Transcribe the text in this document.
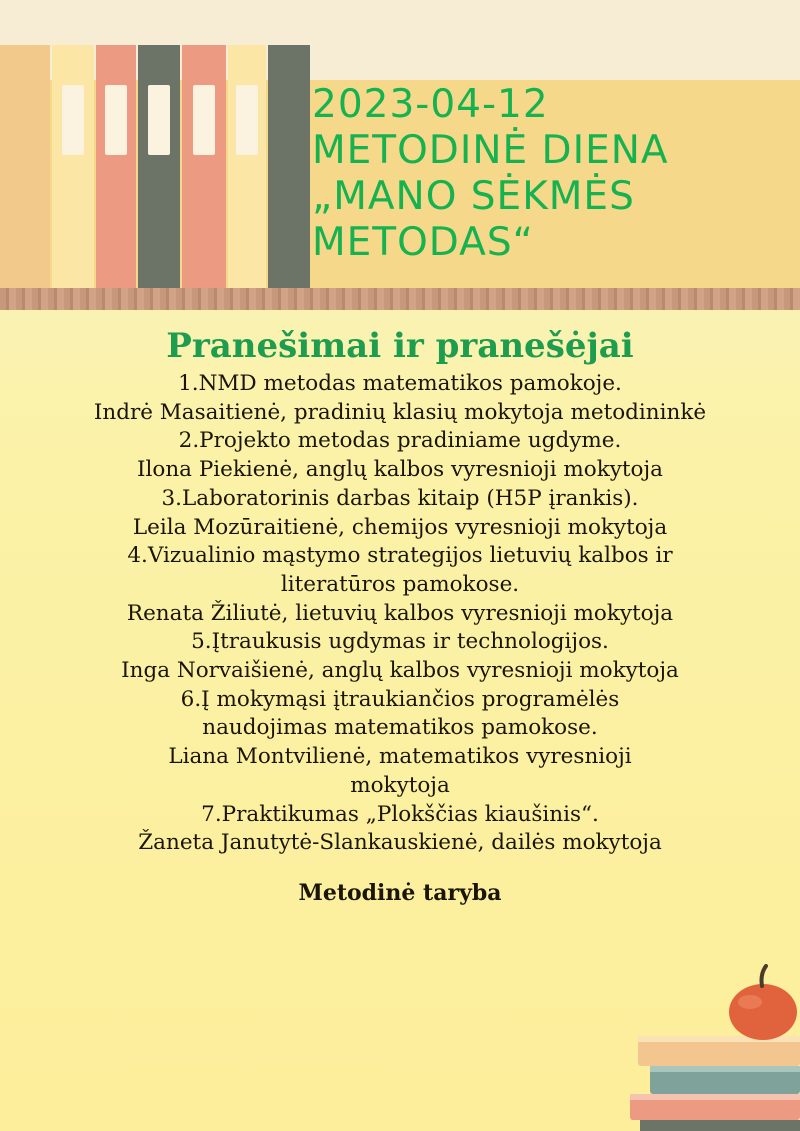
2023-04-12
METODINĖ DIENA
„MANO SĖKMĖS
METODAS“
Pranešimai ir pranešėjai
1.NMD metodas matematikos pamokoje.
Indrė Masaitienė, pradinių klasių mokytoja metodininkė
2.Projekto metodas pradiniame ugdyme.
Ilona Piekienė, anglų kalbos vyresnioji mokytoja
3.Laboratorinis darbas kitaip (H5P įrankis).
Leila Mozūraitienė, chemijos vyresnioji mokytoja
4.Vizualinio mąstymo strategijos lietuvių kalbos ir
literatūros pamokose.
Renata Žiliutė, lietuvių kalbos vyresnioji mokytoja
5.Įtraukusis ugdymas ir technologijos.
Inga Norvaišienė, anglų kalbos vyresnioji mokytoja
6.Į mokymąsi įtraukiančios programėlės
naudojimas matematikos pamokose.
Liana Montvilienė, matematikos vyresnioji
mokytoja
7.Praktikumas „Plokščias kiaušinis“.
Žaneta Janutytė-Slankauskienė, dailės mokytoja
Metodinė taryba
